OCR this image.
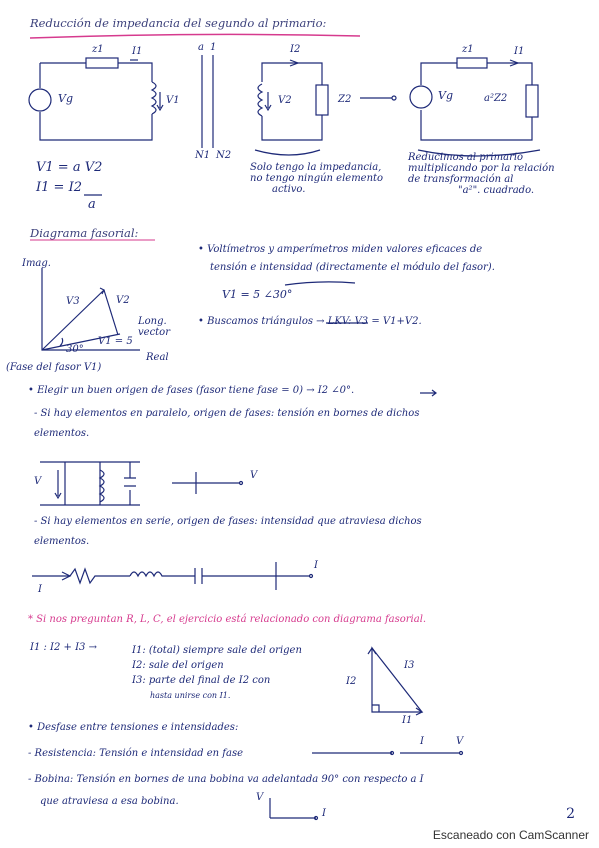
Reducción de impedancia del segundo al primario:
z1	I1
Vg	V1
a 1
N1 N2
I2
V2	Z2
z1	I1
Vg	a²Z2
V1 = a V2
I1 = I2
a
Solo tengo la impedancia,
no tengo ningún elemento
activo.
Reducimos al primario
multiplicando por la relación
de transformación al
"a²". cuadrado.
Diagrama fasorial:
Imag.
Real
V3	V2
V1 = 5
30°
Long. vector
(Fase del fasor V1)
• Voltímetros y amperímetros miden valores eficaces de
tensión e intensidad (directamente el módulo del fasor).
V1 = 5 ∠30°
• Buscamos triángulos → LKV: V3 = V1+V2.
• Elegir un buen origen de fases (fasor tiene fase = 0) → I2 ∠0°.
- Si hay elementos en paralelo, origen de fases: tensión en bornes de dichos
elementos.
V
V
- Si hay elementos en serie, origen de fases: intensidad que atraviesa dichos
elementos.
I
I
* Si nos preguntan R, L, C, el ejercicio está relacionado con diagrama fasorial.
I1 : I2 + I3 →	I1: (total) siempre sale del origen
I2: sale del origen
I3: parte del final de I2 con
hasta unirse con I1.
I2
I3
I1
• Desfase entre tensiones e intensidades:
- Resistencia: Tensión e intensidad en fase
I	V
- Bobina: Tensión en bornes de una bobina va adelantada 90° con respecto a I
que atraviesa a esa bobina.	V
I	2
Escaneado con CamScanner
